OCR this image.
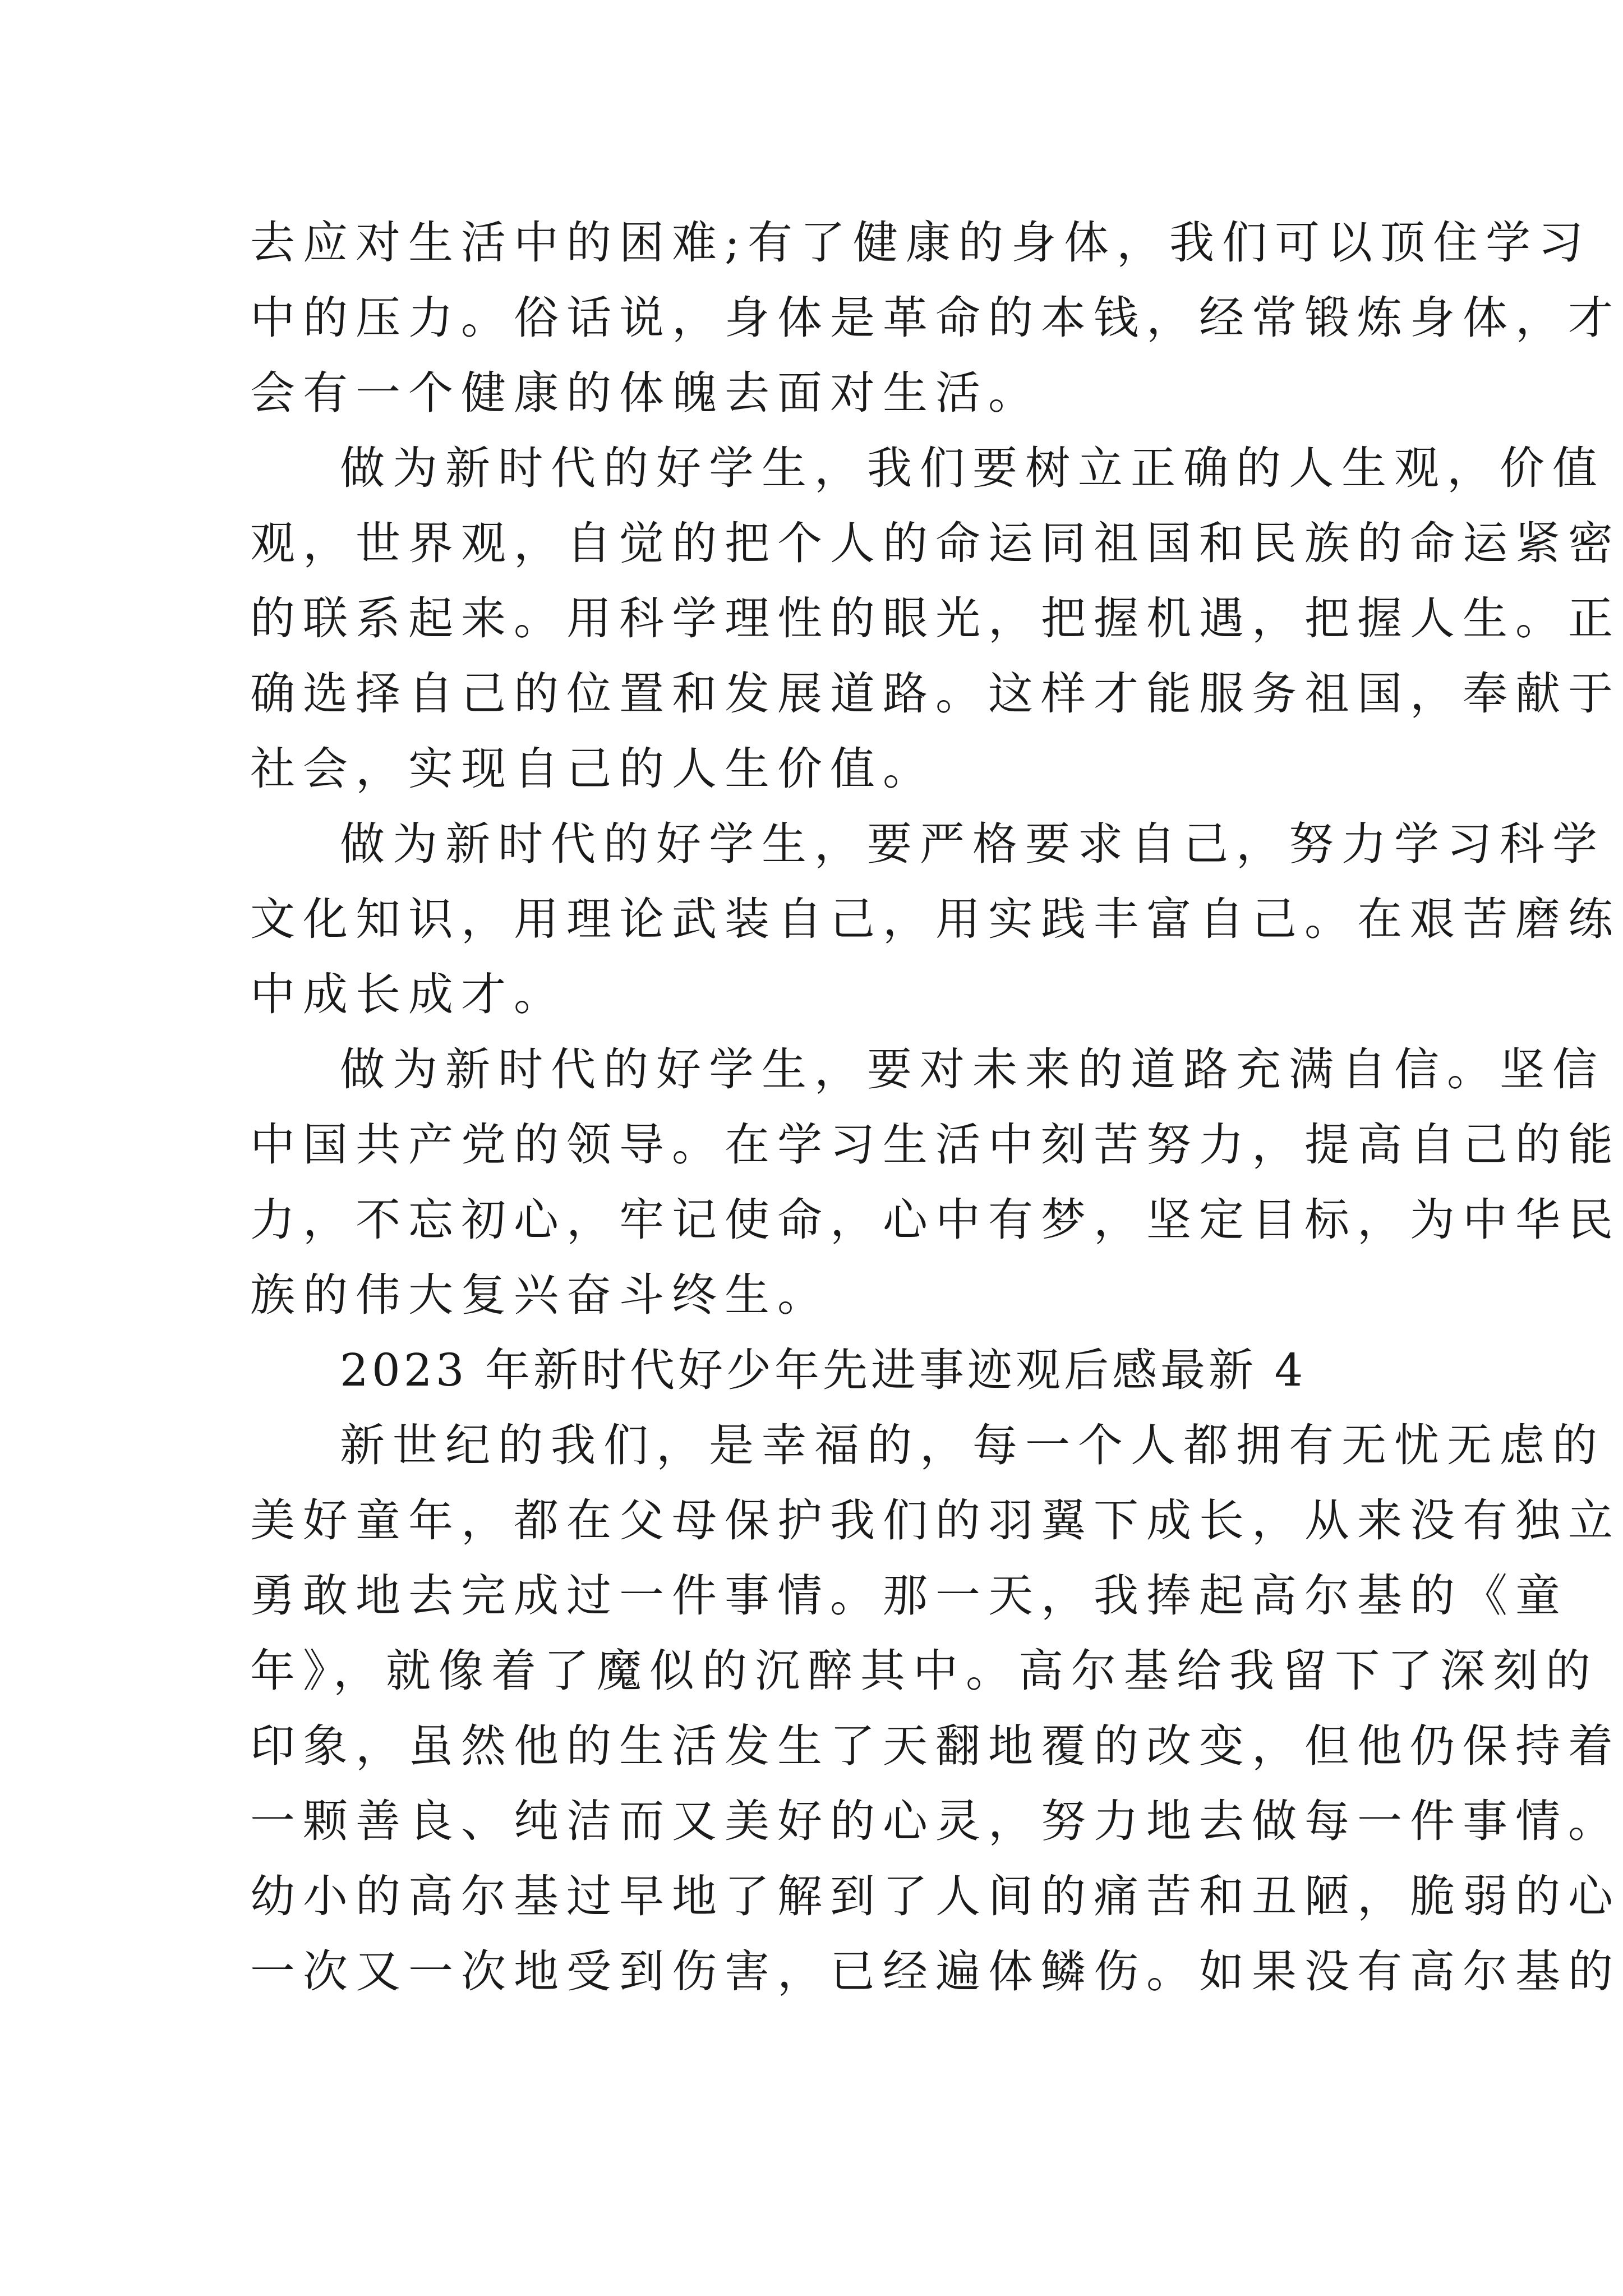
去应对生活中的困难;有了健康的身体，我们可以顶住学习
中的压力。俗话说，身体是革命的本钱，经常锻炼身体，才
会有一个健康的体魄去面对生活。
做为新时代的好学生，我们要树立正确的人生观，价值
观，世界观，自觉的把个人的命运同祖国和民族的命运紧密
的联系起来。用科学理性的眼光，把握机遇，把握人生。正
确选择自己的位置和发展道路。这样才能服务祖国，奉献于
社会，实现自己的人生价值。
做为新时代的好学生，要严格要求自己，努力学习科学
文化知识，用理论武装自己，用实践丰富自己。在艰苦磨练
中成长成才。
做为新时代的好学生，要对未来的道路充满自信。坚信
中国共产党的领导。在学习生活中刻苦努力，提高自己的能
力，不忘初心，牢记使命，心中有梦，坚定目标，为中华民
族的伟大复兴奋斗终生。
2023 年新时代好少年先进事迹观后感最新 4
新世纪的我们，是幸福的，每一个人都拥有无忧无虑的
美好童年，都在父母保护我们的羽翼下成长，从来没有独立
勇敢地去完成过一件事情。那一天，我捧起高尔基的《童
年》，就像着了魔似的沉醉其中。高尔基给我留下了深刻的
印象，虽然他的生活发生了天翻地覆的改变，但他仍保持着
一颗善良、纯洁而又美好的心灵，努力地去做每一件事情。
幼小的高尔基过早地了解到了人间的痛苦和丑陋，脆弱的心
一次又一次地受到伤害，已经遍体鳞伤。如果没有高尔基的
